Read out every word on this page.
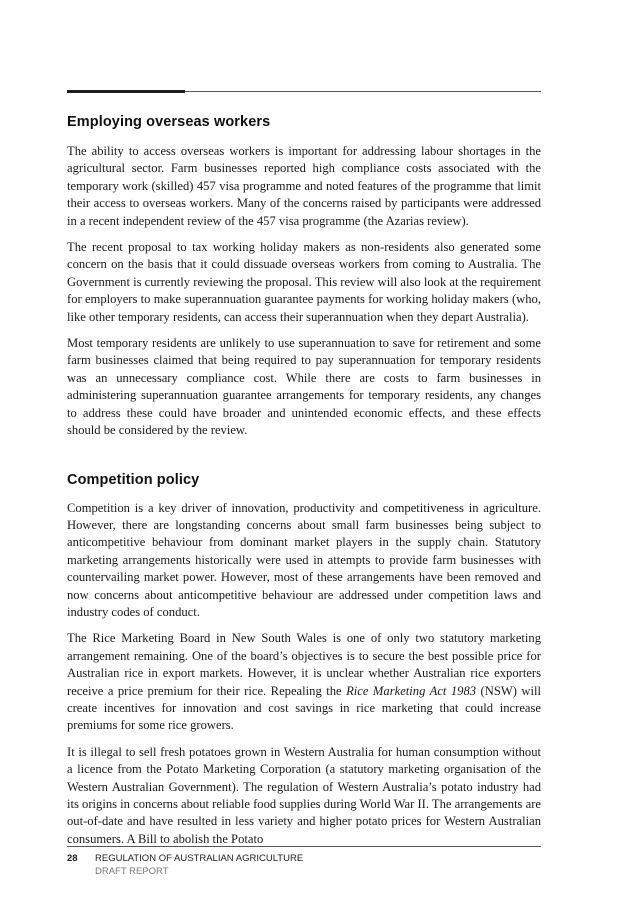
Employing overseas workers

The ability to access overseas workers is important for addressing labour shortages in the agricultural sector. Farm businesses reported high compliance costs associated with the temporary work (skilled) 457 visa programme and noted features of the programme that limit their access to overseas workers. Many of the concerns raised by participants were addressed in a recent independent review of the 457 visa programme (the Azarias review).

The recent proposal to tax working holiday makers as non-residents also generated some concern on the basis that it could dissuade overseas workers from coming to Australia. The Government is currently reviewing the proposal. This review will also look at the requirement for employers to make superannuation guarantee payments for working holiday makers (who, like other temporary residents, can access their superannuation when they depart Australia).

Most temporary residents are unlikely to use superannuation to save for retirement and some farm businesses claimed that being required to pay superannuation for temporary residents was an unnecessary compliance cost. While there are costs to farm businesses in administering superannuation guarantee arrangements for temporary residents, any changes to address these could have broader and unintended economic effects, and these effects should be considered by the review.

Competition policy

Competition is a key driver of innovation, productivity and competitiveness in agriculture. However, there are longstanding concerns about small farm businesses being subject to anticompetitive behaviour from dominant market players in the supply chain. Statutory marketing arrangements historically were used in attempts to provide farm businesses with countervailing market power. However, most of these arrangements have been removed and now concerns about anticompetitive behaviour are addressed under competition laws and industry codes of conduct.

The Rice Marketing Board in New South Wales is one of only two statutory marketing arrangement remaining. One of the board’s objectives is to secure the best possible price for Australian rice in export markets. However, it is unclear whether Australian rice exporters receive a price premium for their rice. Repealing the Rice Marketing Act 1983 (NSW) will create incentives for innovation and cost savings in rice marketing that could increase premiums for some rice growers.

It is illegal to sell fresh potatoes grown in Western Australia for human consumption without a licence from the Potato Marketing Corporation (a statutory marketing organisation of the Western Australian Government). The regulation of Western Australia’s potato industry had its origins in concerns about reliable food supplies during World War II. The arrangements are out-of-date and have resulted in less variety and higher potato prices for Western Australian consumers. A Bill to abolish the Potato

28 REGULATION OF AUSTRALIAN AGRICULTURE
DRAFT REPORT
